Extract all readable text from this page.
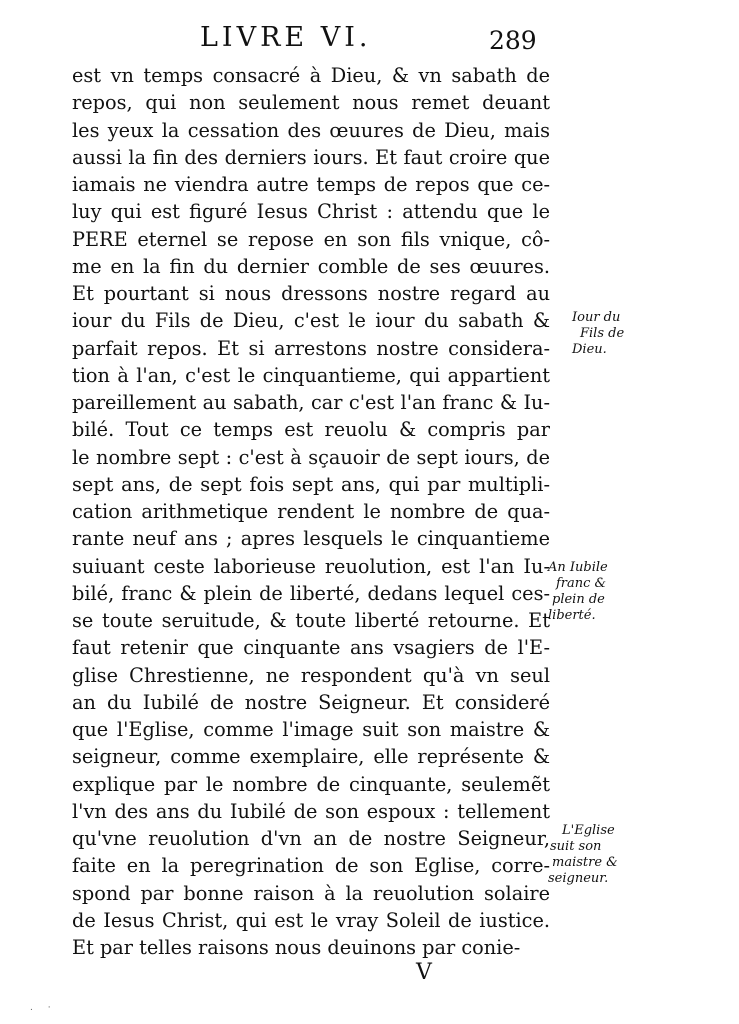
LIVRE VI.	289
est vn temps consacré à Dieu, & vn sabath de
repos, qui non seulement nous remet deuant
les yeux la cessation des œuures de Dieu, mais
aussi la fin des derniers iours. Et faut croire que
iamais ne viendra autre temps de repos que ce-
luy qui est figuré Iesus Christ : attendu que le
PERE eternel se repose en son fils vnique, cô-
me en la fin du dernier comble de ses œuures.
Et pourtant si nous dressons nostre regard au
iour du Fils de Dieu, c'est le iour du sabath &
parfait repos. Et si arrestons nostre considera-
tion à l'an, c'est le cinquantieme, qui appartient
pareillement au sabath, car c'est l'an franc & Iu-
bilé. Tout ce temps est reuolu & compris par
le nombre sept : c'est à sçauoir de sept iours, de
sept ans, de sept fois sept ans, qui par multipli-
cation arithmetique rendent le nombre de qua-
rante neuf ans ; apres lesquels le cinquantieme
suiuant ceste laborieuse reuolution, est l'an Iu-
bilé, franc & plein de liberté, dedans lequel ces-
se toute seruitude, & toute liberté retourne. Et
faut retenir que cinquante ans vsagiers de l'E-
glise Chrestienne, ne respondent qu'à vn seul
an du Iubilé de nostre Seigneur. Et consideré
que l'Eglise, comme l'image suit son maistre &
seigneur, comme exemplaire, elle représente &
explique par le nombre de cinquante, seulemẽt
l'vn des ans du Iubilé de son espoux : tellement
qu'vne reuolution d'vn an de nostre Seigneur,
faite en la peregrination de son Eglise, corre-
spond par bonne raison à la reuolution solaire
de Iesus Christ, qui est le vray Soleil de iustice.
Et par telles raisons nous deuinons par conie-
Iour du
Fils de
Dieu.
An Iubile
franc &
plein de
liberté.
L'Eglise
suit son
maistre &
seigneur.
V
. ·
